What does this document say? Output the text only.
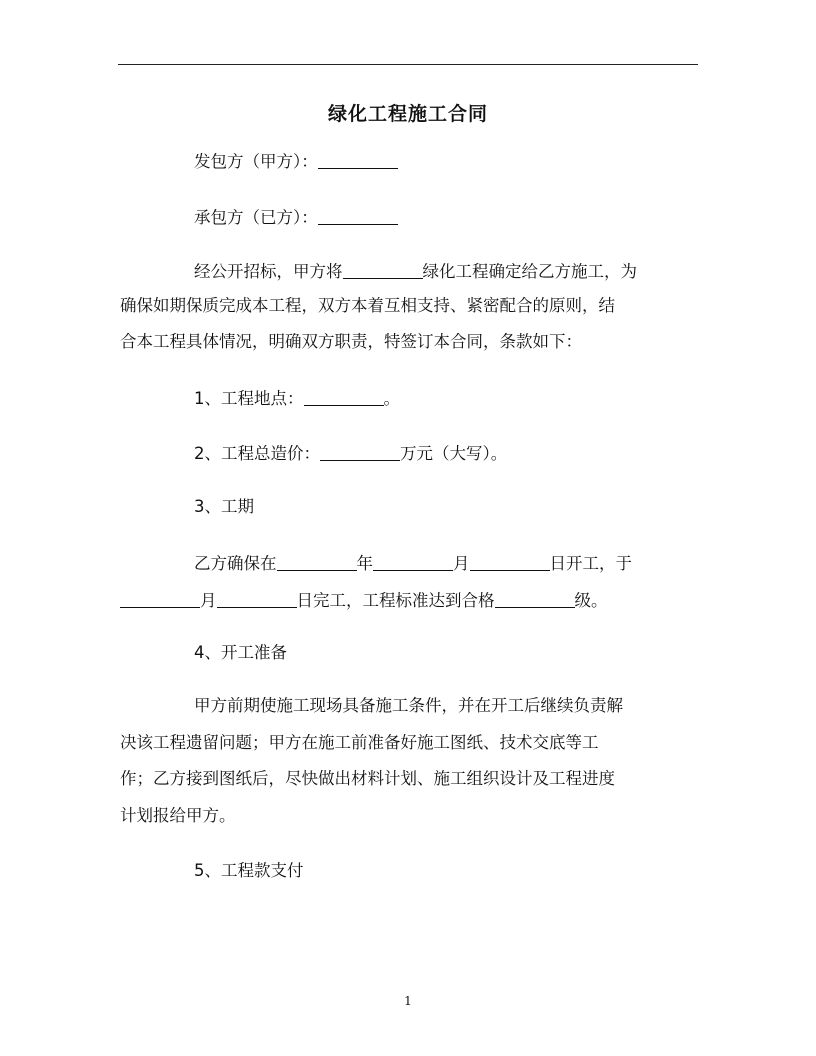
绿化工程施工合同
发包方（甲方）：
承包方（已方）：
经公开招标，甲方将	绿化工程确定给乙方施工，为
确保如期保质完成本工程，双方本着互相支持、紧密配合的原则，结
合本工程具体情况，明确双方职责，特签订本合同，条款如下：
1、工程地点：	。
2、工程总造价：	万元（大写）。
3、工期
乙方确保在	年	月	日开工，于
月	日完工，工程标准达到合格	级。
4、开工准备
甲方前期使施工现场具备施工条件，并在开工后继续负责解
决该工程遗留问题；甲方在施工前准备好施工图纸、技术交底等工
作；乙方接到图纸后，尽快做出材料计划、施工组织设计及工程进度
计划报给甲方。
5、工程款支付
1
